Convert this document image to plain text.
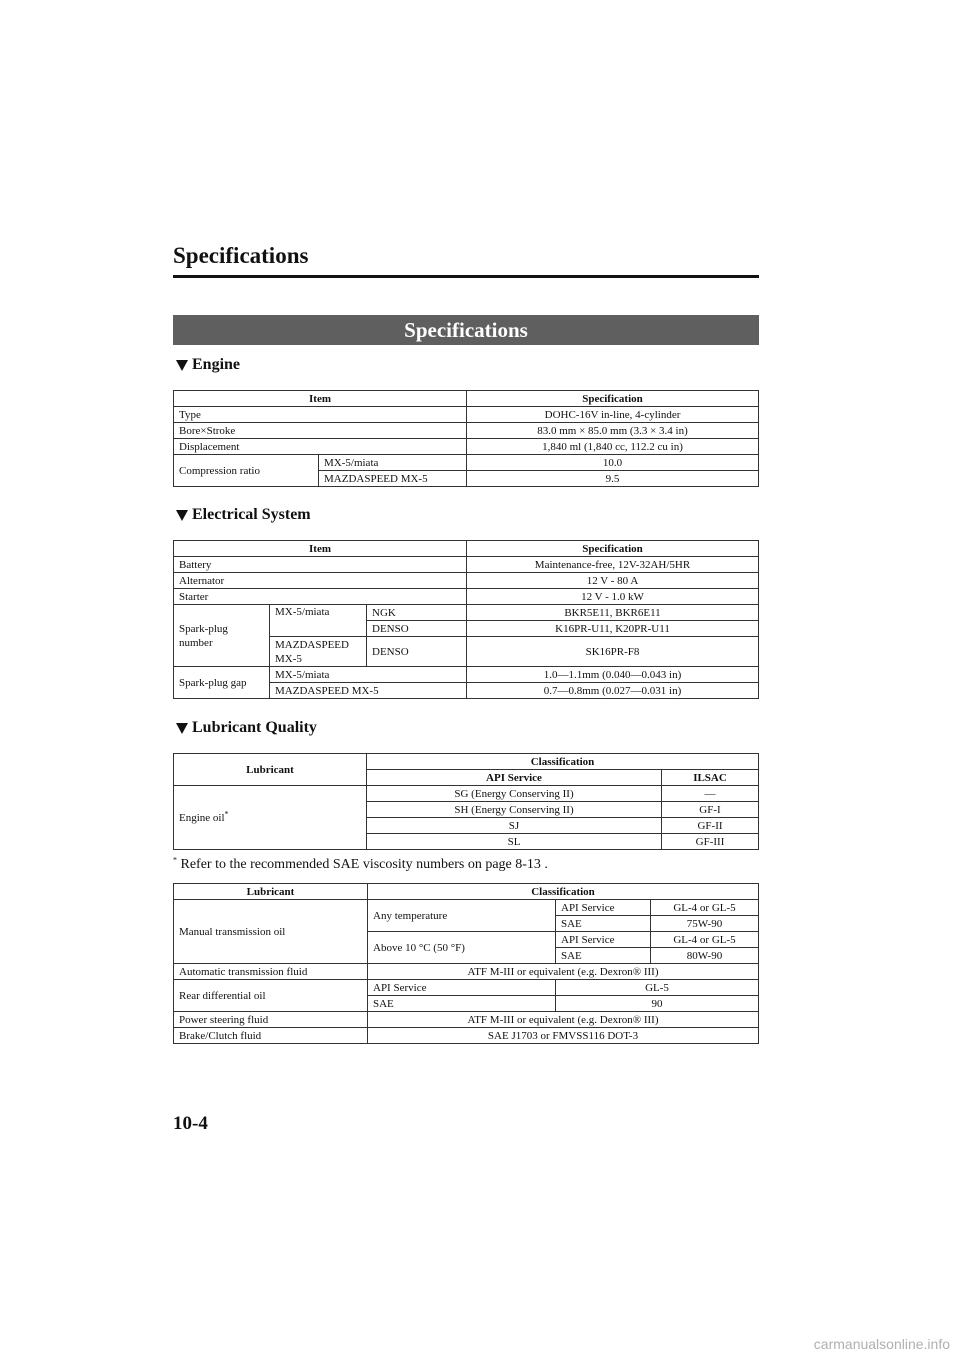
Specifications
Specifications
Engine
Item		Specification
Type		DOHC-16V in-line, 4-cylinder
Bore×Stroke		83.0 mm × 85.0 mm (3.3 × 3.4 in)
Displacement		1,840 ml (1,840 cc, 112.2 cu in)
Compression ratio	MX-5/miata	10.0
	MAZDASPEED MX-5	9.5
Electrical System
Item			Specification
Battery			Maintenance-free, 12V-32AH/5HR
Alternator			12 V - 80 A
Starter			12 V - 1.0 kW
Spark-plug number	MX-5/miata	NGK	BKR5E11, BKR6E11
		DENSO	K16PR-U11, K20PR-U11
	MAZDASPEED MX-5	DENSO	SK16PR-F8
Spark-plug gap	MX-5/miata		1.0—1.1mm (0.040—0.043 in)
	MAZDASPEED MX-5		0.7—0.8mm (0.027—0.031 in)
Lubricant Quality
Lubricant	Classification	
	API Service	ILSAC
Engine oil*	SG (Energy Conserving II)	—
	SH (Energy Conserving II)	GF-I
	SJ	GF-II
	SL	GF-III
* Refer to the recommended SAE viscosity numbers on page 8-13 .
Lubricant	Classification		
Manual transmission oil	Any temperature	API Service	GL-4 or GL-5
		SAE	75W-90
	Above 10 °C (50 °F)	API Service	GL-4 or GL-5
		SAE	80W-90
Automatic transmission fluid	ATF M-III or equivalent (e.g. Dexron® III)		
Rear differential oil	API Service	GL-5	
	SAE	90	
Power steering fluid	ATF M-III or equivalent (e.g. Dexron® III)		
Brake/Clutch fluid	SAE J1703 or FMVSS116 DOT-3		
10-4
carmanualsonline.info
